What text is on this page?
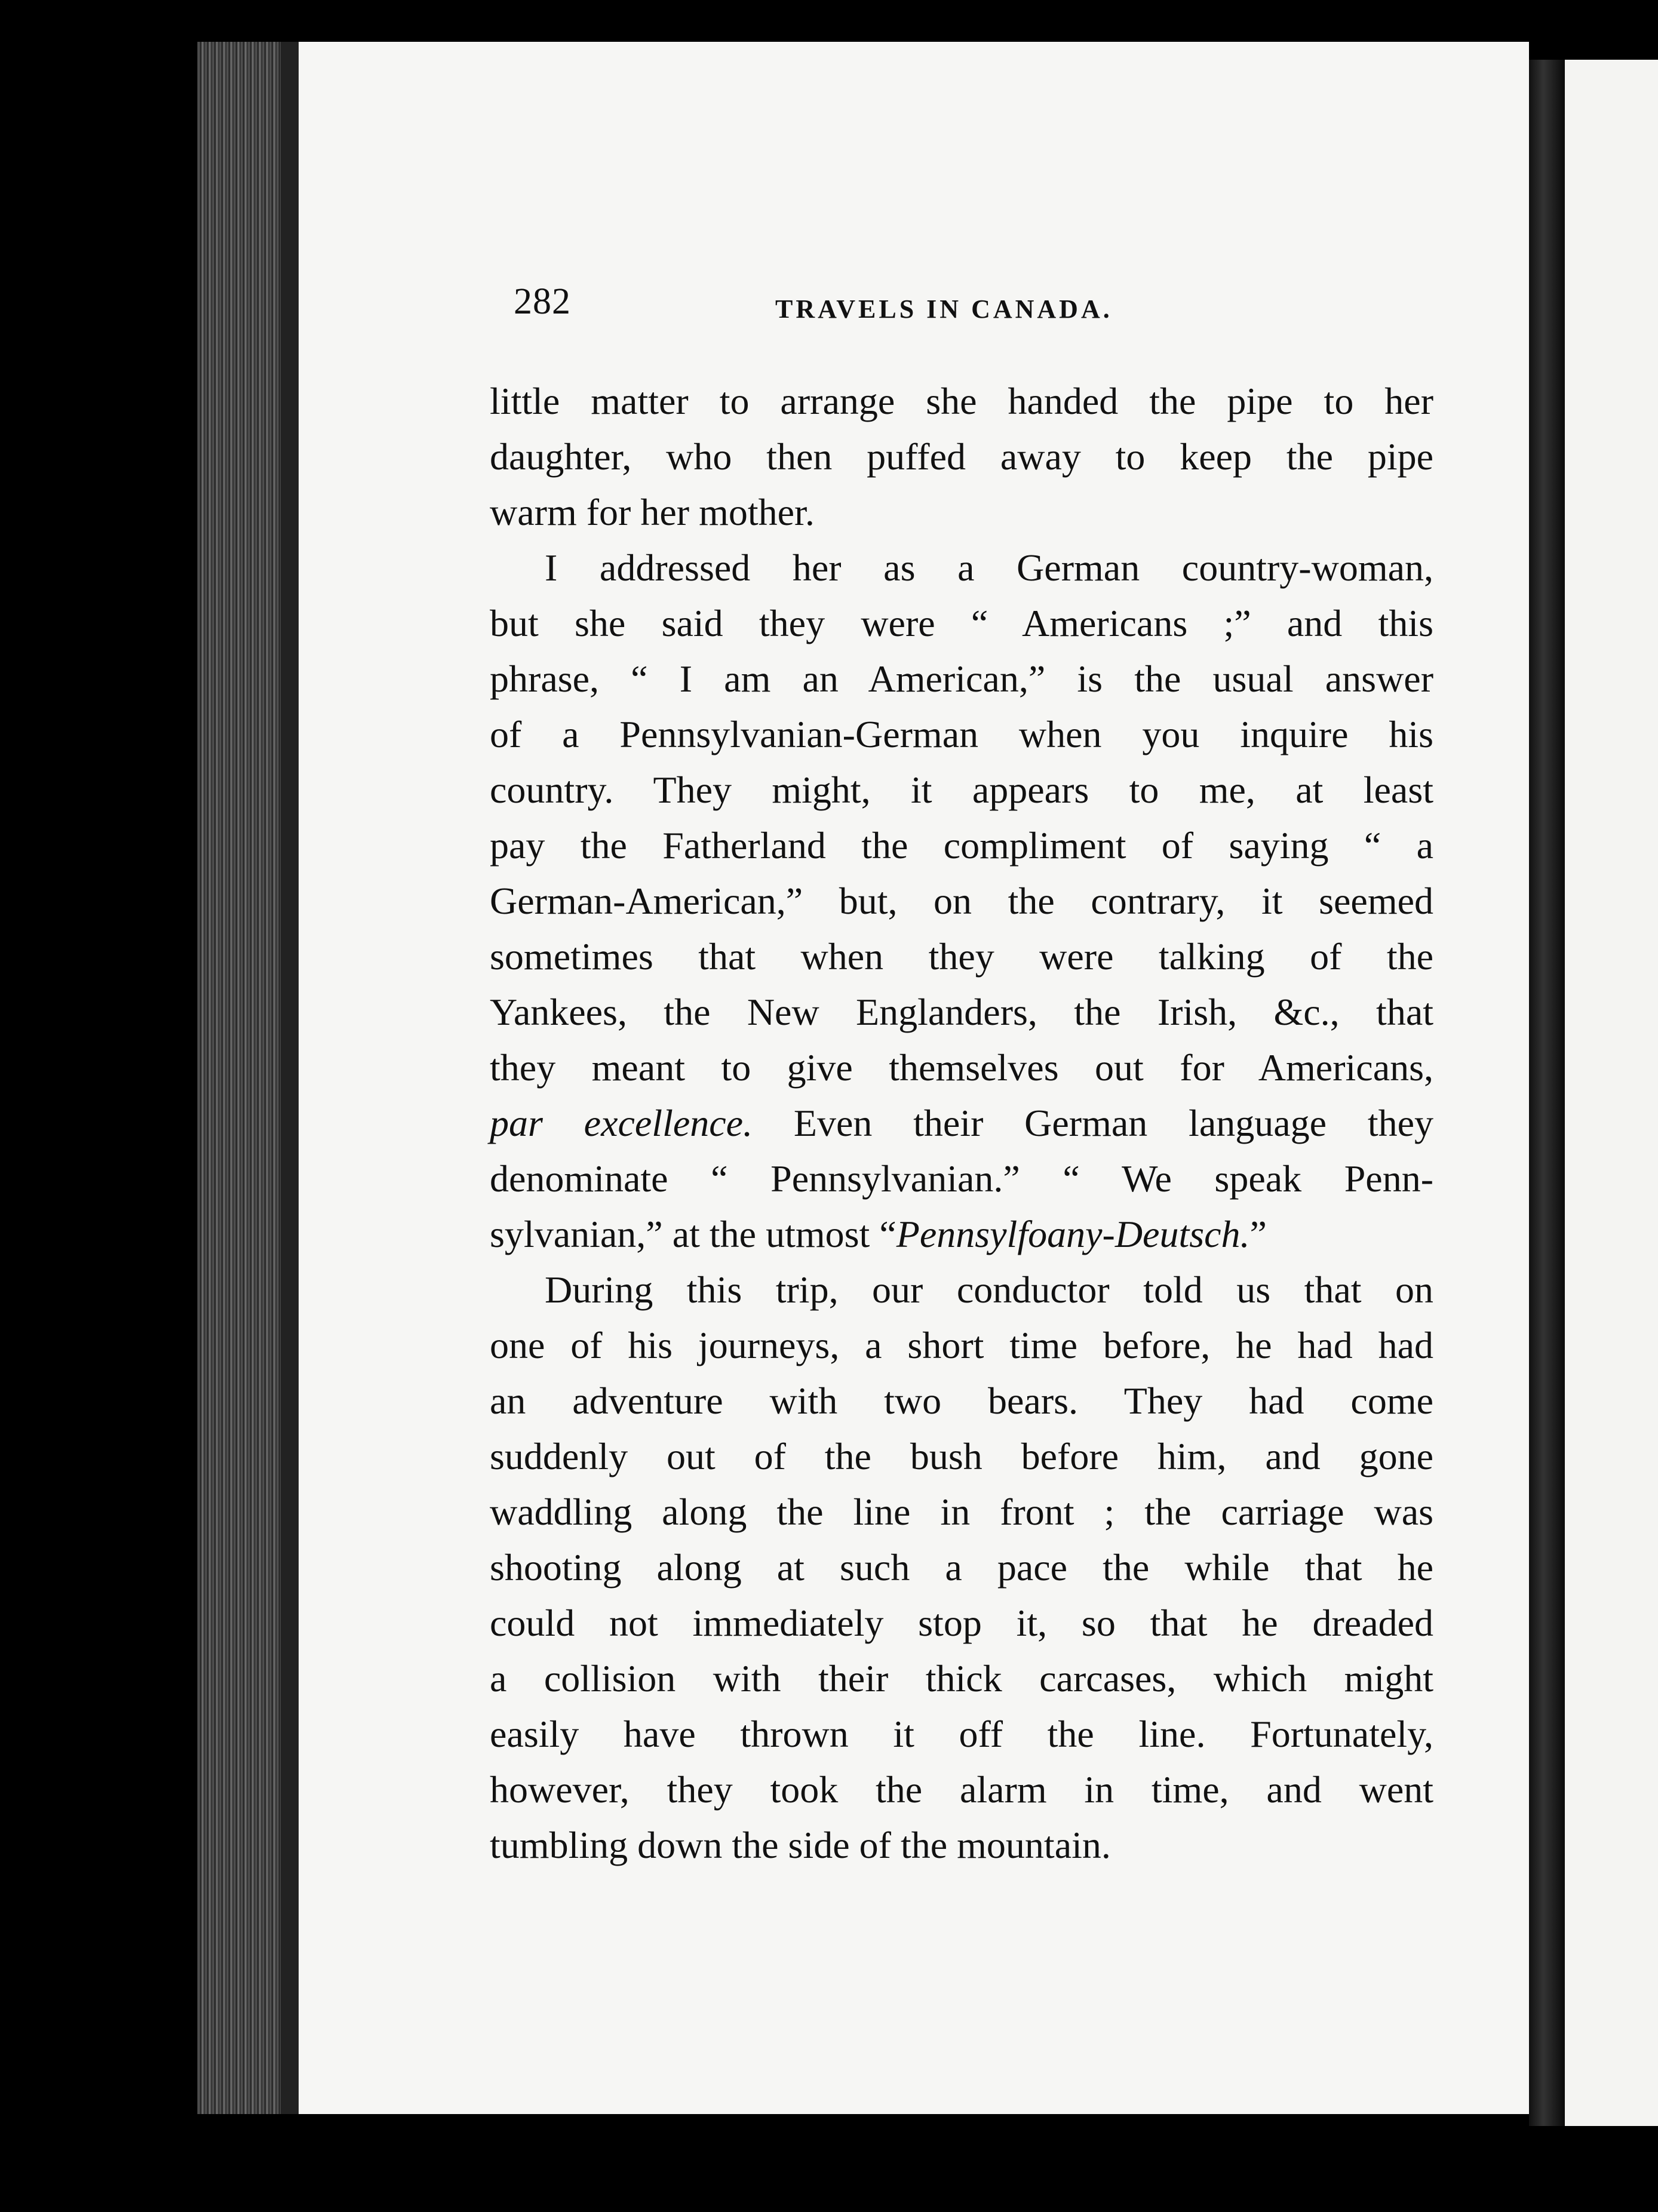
282	TRAVELS IN CANADA.
little matter to arrange she handed the pipe to her
daughter, who then puffed away to keep the pipe
warm for her mother.
I addressed her as a German country-woman,
but she said they were “ Americans ;” and this
phrase, “ I am an American,” is the usual answer
of a Pennsylvanian-German when you inquire his
country. They might, it appears to me, at least
pay the Fatherland the compliment of saying “ a
German-American,” but, on the contrary, it seemed
sometimes that when they were talking of the
Yankees, the New Englanders, the Irish, &c., that
they meant to give themselves out for Americans,
par excellence. Even their German language they
denominate “ Pennsylvanian.” “ We speak Penn-
sylvanian,” at the utmost “Pennsylfoany-Deutsch.”
During this trip, our conductor told us that on
one of his journeys, a short time before, he had had
an adventure with two bears. They had come
suddenly out of the bush before him, and gone
waddling along the line in front ; the carriage was
shooting along at such a pace the while that he
could not immediately stop it, so that he dreaded
a collision with their thick carcases, which might
easily have thrown it off the line. Fortunately,
however, they took the alarm in time, and went
tumbling down the side of the mountain.
